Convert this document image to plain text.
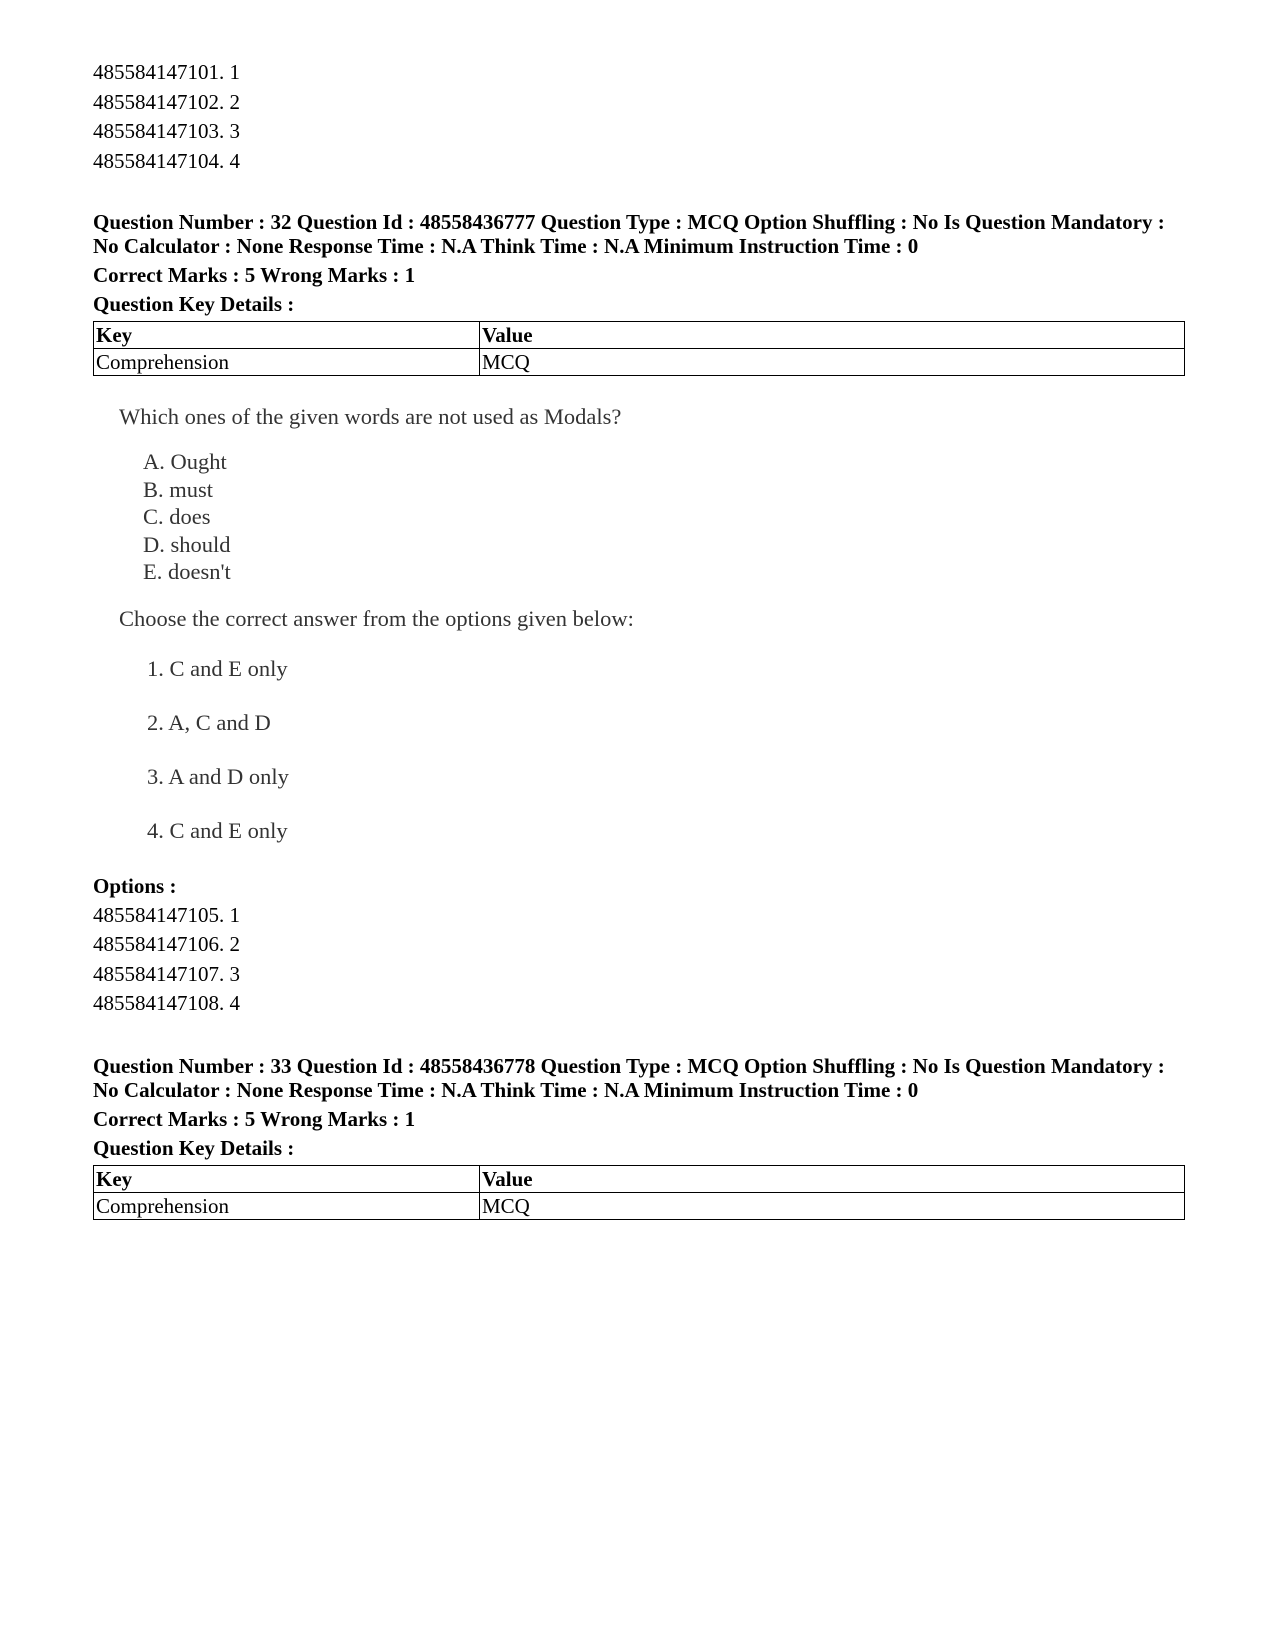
485584147101. 1
485584147102. 2
485584147103. 3
485584147104. 4
Question Number : 32 Question Id : 48558436777 Question Type : MCQ Option Shuffling : No Is Question Mandatory :
No Calculator : None Response Time : N.A Think Time : N.A Minimum Instruction Time : 0
Correct Marks : 5 Wrong Marks : 1
Question Key Details :
Key	Value
Comprehension	MCQ
Which ones of the given words are not used as Modals?
A. Ought
B. must
C. does
D. should
E. doesn't
Choose the correct answer from the options given below:
1. C and E only
2. A, C and D
3. A and D only
4. C and E only
Options :
485584147105. 1
485584147106. 2
485584147107. 3
485584147108. 4
Question Number : 33 Question Id : 48558436778 Question Type : MCQ Option Shuffling : No Is Question Mandatory :
No Calculator : None Response Time : N.A Think Time : N.A Minimum Instruction Time : 0
Correct Marks : 5 Wrong Marks : 1
Question Key Details :
Key	Value
Comprehension	MCQ
